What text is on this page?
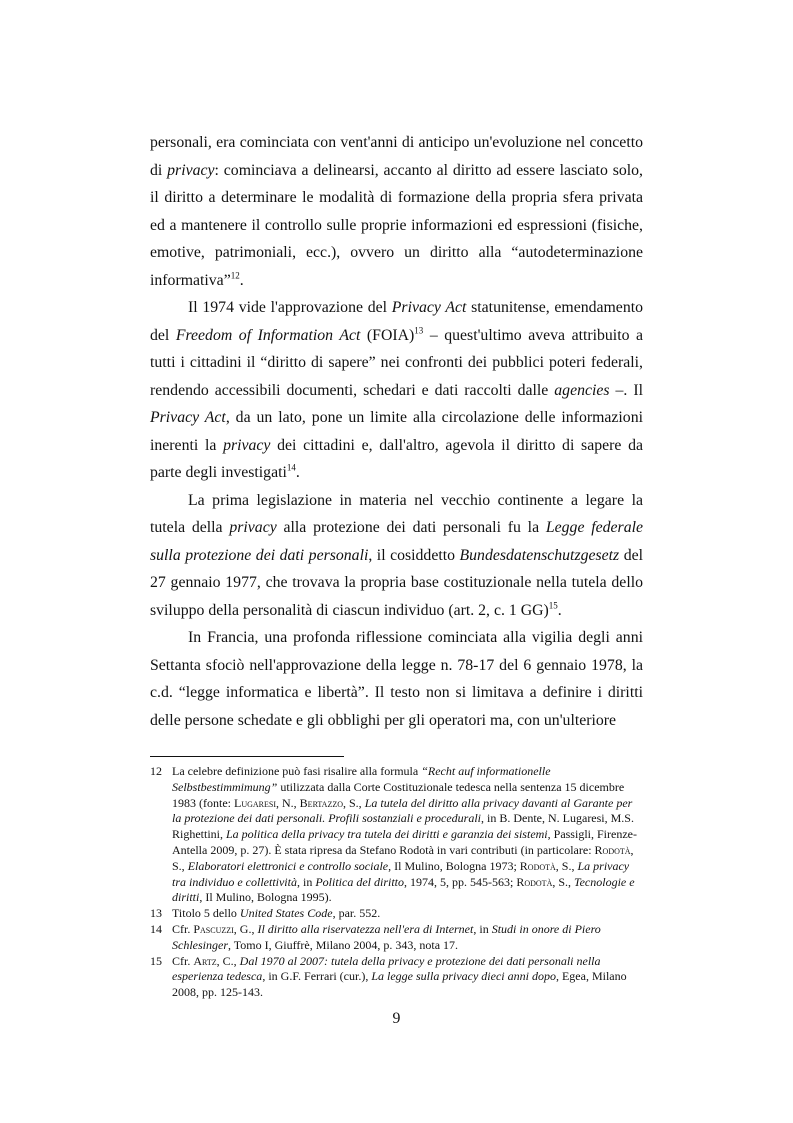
personali, era cominciata con vent'anni di anticipo un'evoluzione nel concetto di privacy: cominciava a delinearsi, accanto al diritto ad essere lasciato solo, il diritto a determinare le modalità di formazione della propria sfera privata ed a mantenere il controllo sulle proprie informazioni ed espressioni (fisiche, emotive, patrimoniali, ecc.), ovvero un diritto alla “autodeterminazione informativa”$^{12}$.

Il 1974 vide l'approvazione del Privacy Act statunitense, emendamento del Freedom of Information Act (FOIA)$^{13}$ – quest'ultimo aveva attribuito a tutti i cittadini il “diritto di sapere” nei confronti dei pubblici poteri federali, rendendo accessibili documenti, schedari e dati raccolti dalle agencies –. Il Privacy Act, da un lato, pone un limite alla circolazione delle informazioni inerenti la privacy dei cittadini e, dall'altro, agevola il diritto di sapere da parte degli investigati$^{14}$.

La prima legislazione in materia nel vecchio continente a legare la tutela della privacy alla protezione dei dati personali fu la Legge federale sulla protezione dei dati personali, il cosiddetto Bundesdatenschutzgesetz del 27 gennaio 1977, che trovava la propria base costituzionale nella tutela dello sviluppo della personalità di ciascun individuo (art. 2, c. 1 GG)$^{15}$.

In Francia, una profonda riflessione cominciata alla vigilia degli anni Settanta sfociò nell'approvazione della legge n. 78-17 del 6 gennaio 1978, la c.d. “legge informatica e libertà”. Il testo non si limitava a definire i diritti delle persone schedate e gli obblighi per gli operatori ma, con un'ulteriore

12 La celebre definizione può fasi risalire alla formula “Recht auf informationelle Selbstbestimmimung” utilizzata dalla Corte Costituzionale tedesca nella sentenza 15 dicembre 1983 (fonte: Lugaresi, N., Bertazzo, S., La tutela del diritto alla privacy davanti al Garante per la protezione dei dati personali. Profili sostanziali e procedurali, in B. Dente, N. Lugaresi, M.S. Righettini, La politica della privacy tra tutela dei diritti e garanzia dei sistemi, Passigli, Firenze-Antella 2009, p. 27). È stata ripresa da Stefano Rodotà in vari contributi (in particolare: Rodotà, S., Elaboratori elettronici e controllo sociale, Il Mulino, Bologna 1973; Rodotà, S., La privacy tra individuo e collettività, in Politica del diritto, 1974, 5, pp. 545-563; Rodotà, S., Tecnologie e diritti, Il Mulino, Bologna 1995).

13 Titolo 5 dello United States Code, par. 552.

14 Cfr. Pascuzzi, G., Il diritto alla riservatezza nell'era di Internet, in Studi in onore di Piero Schlesinger, Tomo I, Giuffrè, Milano 2004, p. 343, nota 17.

15 Cfr. Artz, C., Dal 1970 al 2007: tutela della privacy e protezione dei dati personali nella esperienza tedesca, in G.F. Ferrari (cur.), La legge sulla privacy dieci anni dopo, Egea, Milano 2008, pp. 125-143.

9
